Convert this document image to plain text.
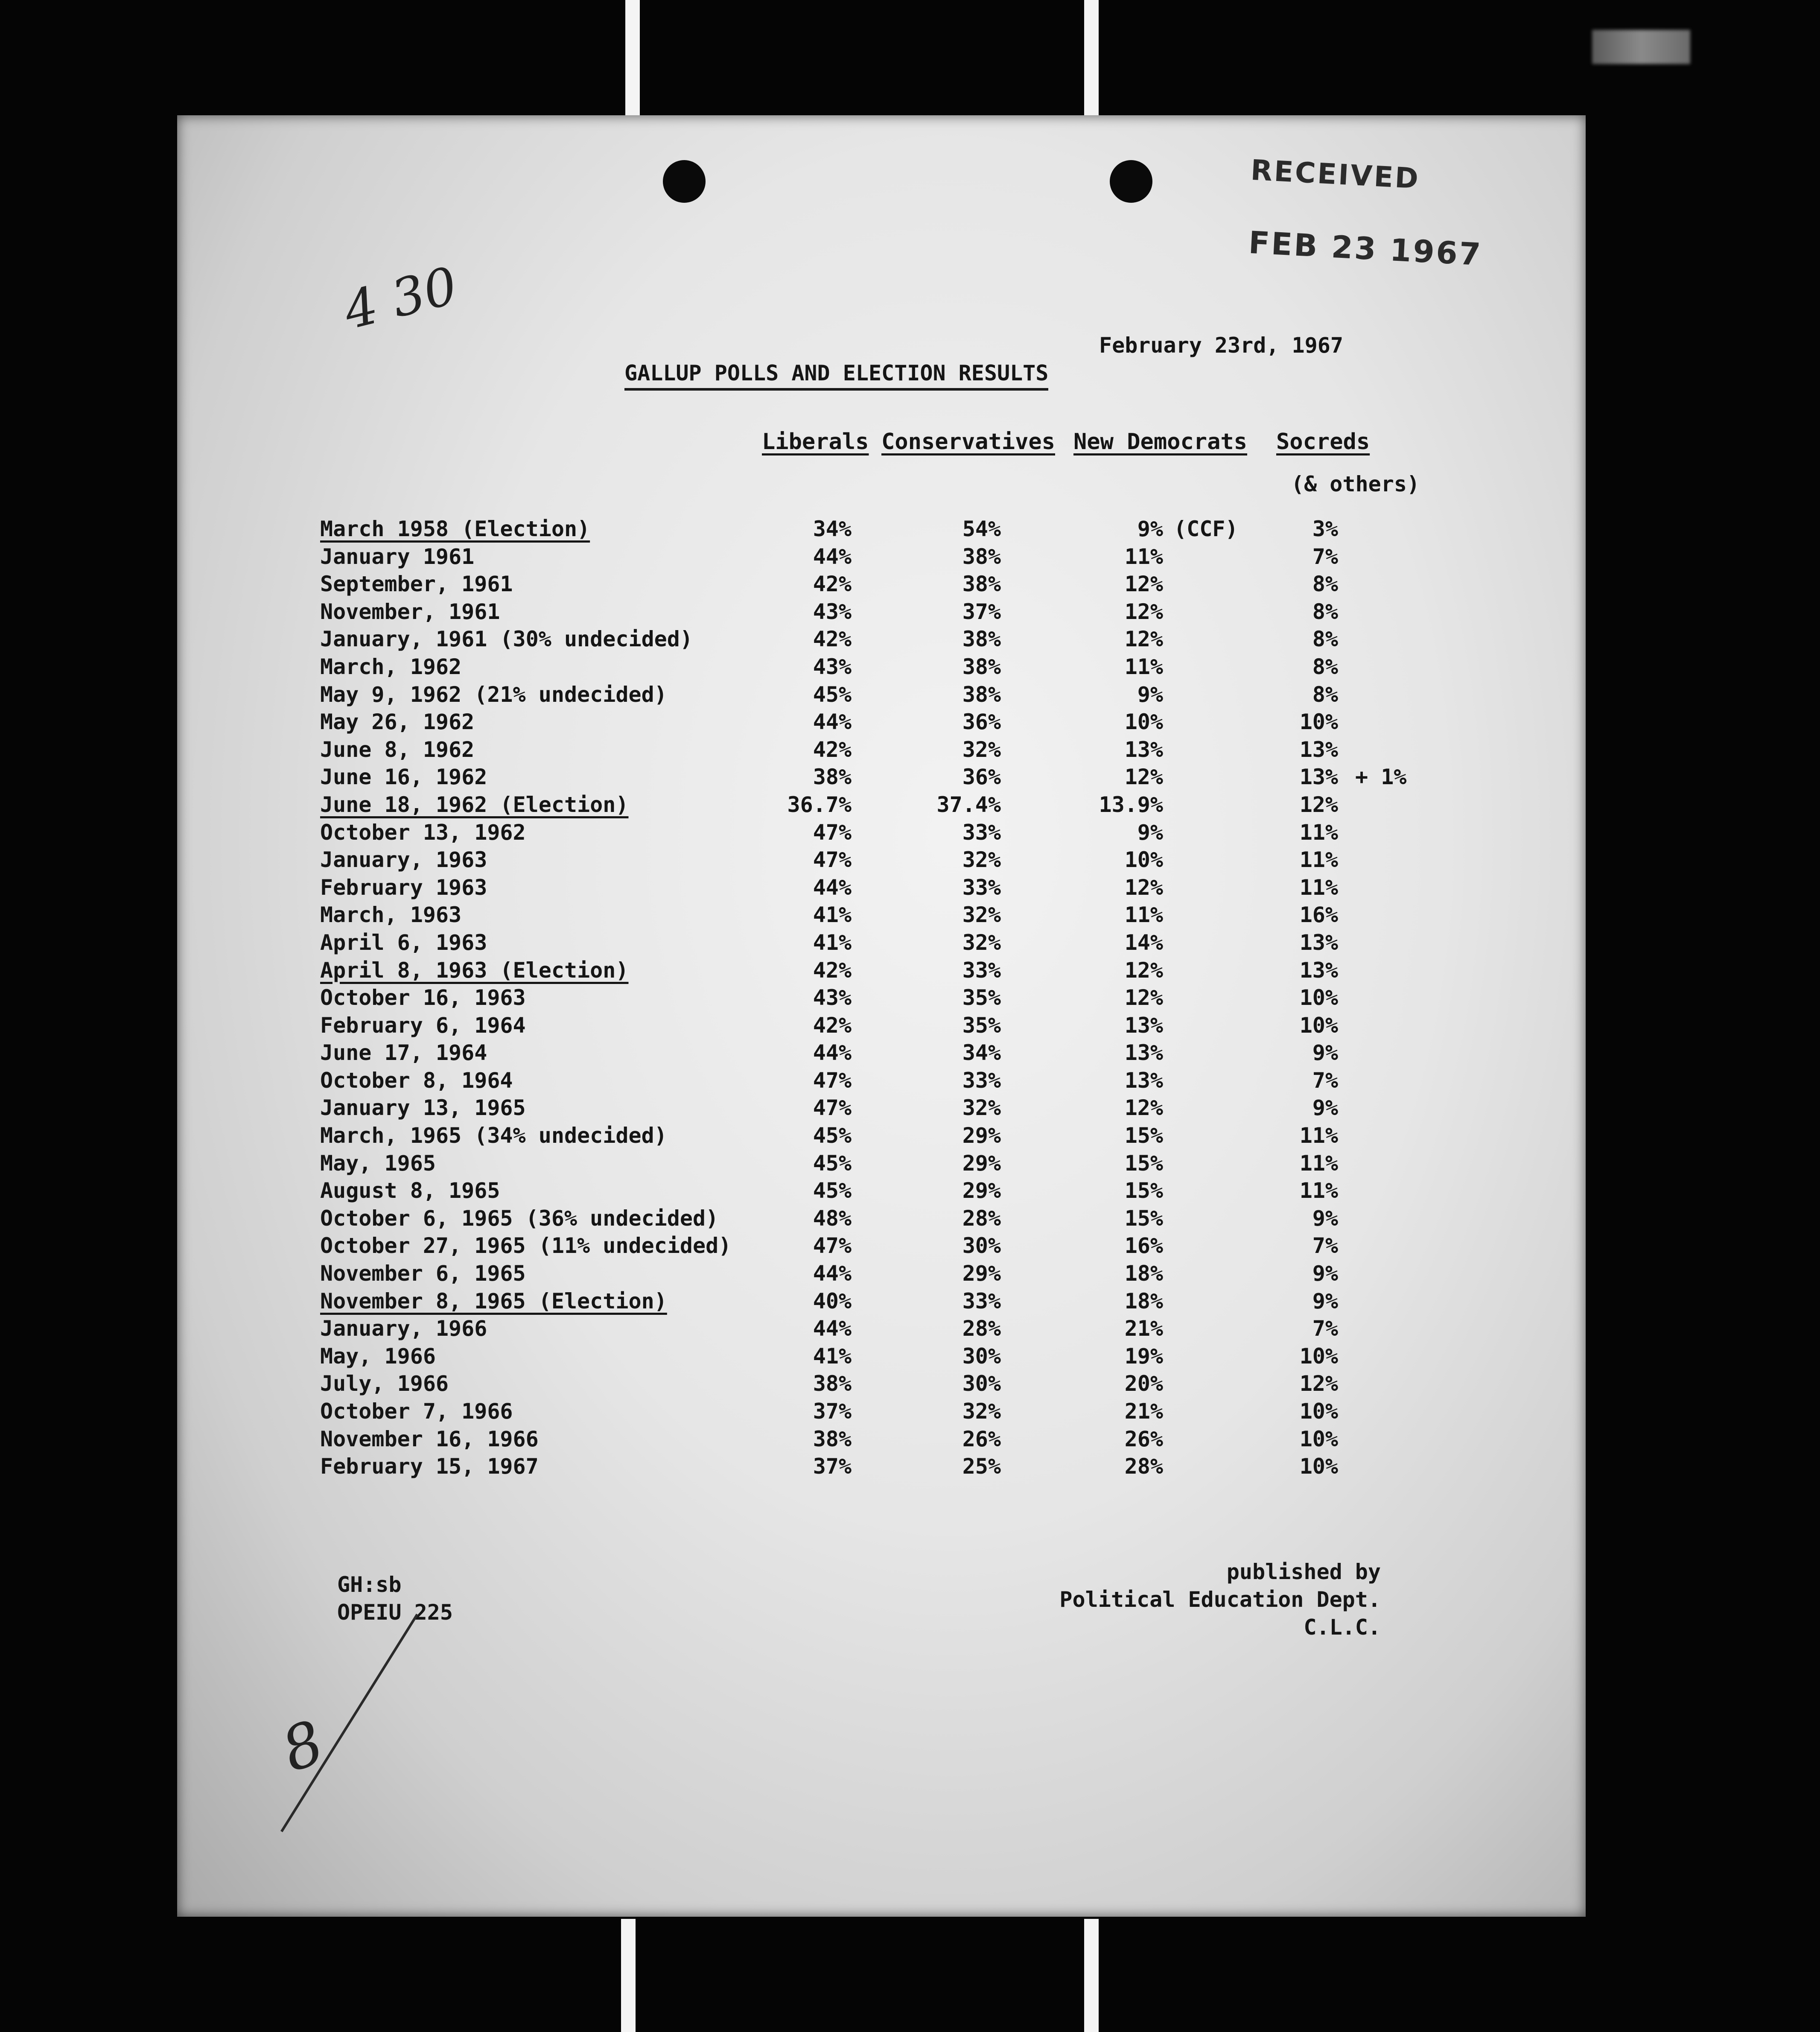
RECEIVED
FEB 23 1967
4 30
February 23rd, 1967
GALLUP POLLS AND ELECTION RESULTS
Liberals Conservatives New Democrats Socreds
(& others)
March 1958 (Election)	34%	54%	9% (CCF)	3%
January 1961	44%	38%	11%	7%
September, 1961	42%	38%	12%	8%
November, 1961	43%	37%	12%	8%
January, 1961 (30% undecided)	42%	38%	12%	8%
March, 1962	43%	38%	11%	8%
May 9, 1962 (21% undecided)	45%	38%	9%	8%
May 26, 1962	44%	36%	10%	10%
June 8, 1962	42%	32%	13%	13%
June 16, 1962	38%	36%	12%	13% + 1%
June 18, 1962 (Election)	36.7%	37.4%	13.9%	12%
October 13, 1962	47%	33%	9%	11%
January, 1963	47%	32%	10%	11%
February 1963	44%	33%	12%	11%
March, 1963	41%	32%	11%	16%
April 6, 1963	41%	32%	14%	13%
April 8, 1963 (Election)	42%	33%	12%	13%
October 16, 1963	43%	35%	12%	10%
February 6, 1964	42%	35%	13%	10%
June 17, 1964	44%	34%	13%	9%
October 8, 1964	47%	33%	13%	7%
January 13, 1965	47%	32%	12%	9%
March, 1965 (34% undecided)	45%	29%	15%	11%
May, 1965	45%	29%	15%	11%
August 8, 1965	45%	29%	15%	11%
October 6, 1965 (36% undecided)	48%	28%	15%	9%
October 27, 1965 (11% undecided)	47%	30%	16%	7%
November 6, 1965	44%	29%	18%	9%
November 8, 1965 (Election)	40%	33%	18%	9%
January, 1966	44%	28%	21%	7%
May, 1966	41%	30%	19%	10%
July, 1966	38%	30%	20%	12%
October 7, 1966	37%	32%	21%	10%
November 16, 1966	38%	26%	26%	10%
February 15, 1967	37%	25%	28%	10%
GH:sb
OPEIU 225
published by
Political Education Dept.
C.L.C.
8
